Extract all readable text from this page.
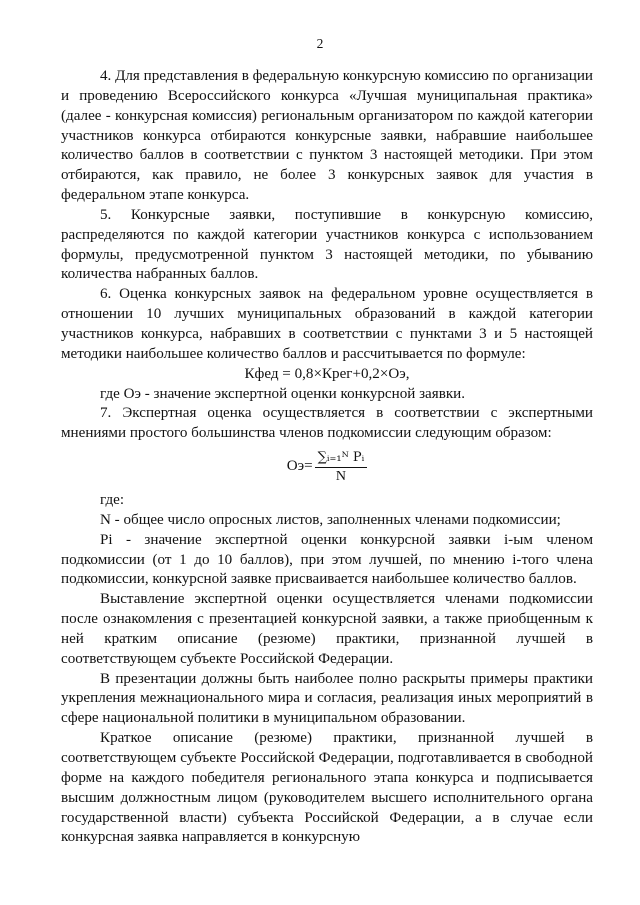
2

4. Для представления в федеральную конкурсную комиссию по организации и проведению Всероссийского конкурса «Лучшая муниципальная практика» (далее - конкурсная комиссия) региональным организатором по каждой категории участников конкурса отбираются конкурсные заявки, набравшие наибольшее количество баллов в соответствии с пунктом 3 настоящей методики. При этом отбираются, как правило, не более 3 конкурсных заявок для участия в федеральном этапе конкурса.

5. Конкурсные заявки, поступившие в конкурсную комиссию, распределяются по каждой категории участников конкурса с использованием формулы, предусмотренной пунктом 3 настоящей методики, по убыванию количества набранных баллов.

6. Оценка конкурсных заявок на федеральном уровне осуществляется в отношении 10 лучших муниципальных образований в каждой категории участников конкурса, набравших в соответствии с пунктами 3 и 5 настоящей методики наибольшее количество баллов и рассчитывается по формуле:

Кфед = 0,8×Крег+0,2×Оэ,

где Оэ - значение экспертной оценки конкурсной заявки.

7. Экспертная оценка осуществляется в соответствии с экспертными мнениями простого большинства членов подкомиссии следующим образом:

$Оэ= \frac{\text{∑ᵢ₌₁ᴺ Pᵢ}}{N}$

где:

N - общее число опросных листов, заполненных членами подкомиссии;

Pi - значение экспертной оценки конкурсной заявки i-ым членом подкомиссии (от 1 до 10 баллов), при этом лучшей, по мнению i-того члена подкомиссии, конкурсной заявке присваивается наибольшее количество баллов.

Выставление экспертной оценки осуществляется членами подкомиссии после ознакомления с презентацией конкурсной заявки, а также приобщенным к ней кратким описание (резюме) практики, признанной лучшей в соответствующем субъекте Российской Федерации.

В презентации должны быть наиболее полно раскрыты примеры практики укрепления межнационального мира и согласия, реализация иных мероприятий в сфере национальной политики в муниципальном образовании.

Краткое описание (резюме) практики, признанной лучшей в соответствующем субъекте Российской Федерации, подготавливается в свободной форме на каждого победителя регионального этапа конкурса и подписывается высшим должностным лицом (руководителем высшего исполнительного органа государственной власти) субъекта Российской Федерации, а в случае если конкурсная заявка направляется в конкурсную
